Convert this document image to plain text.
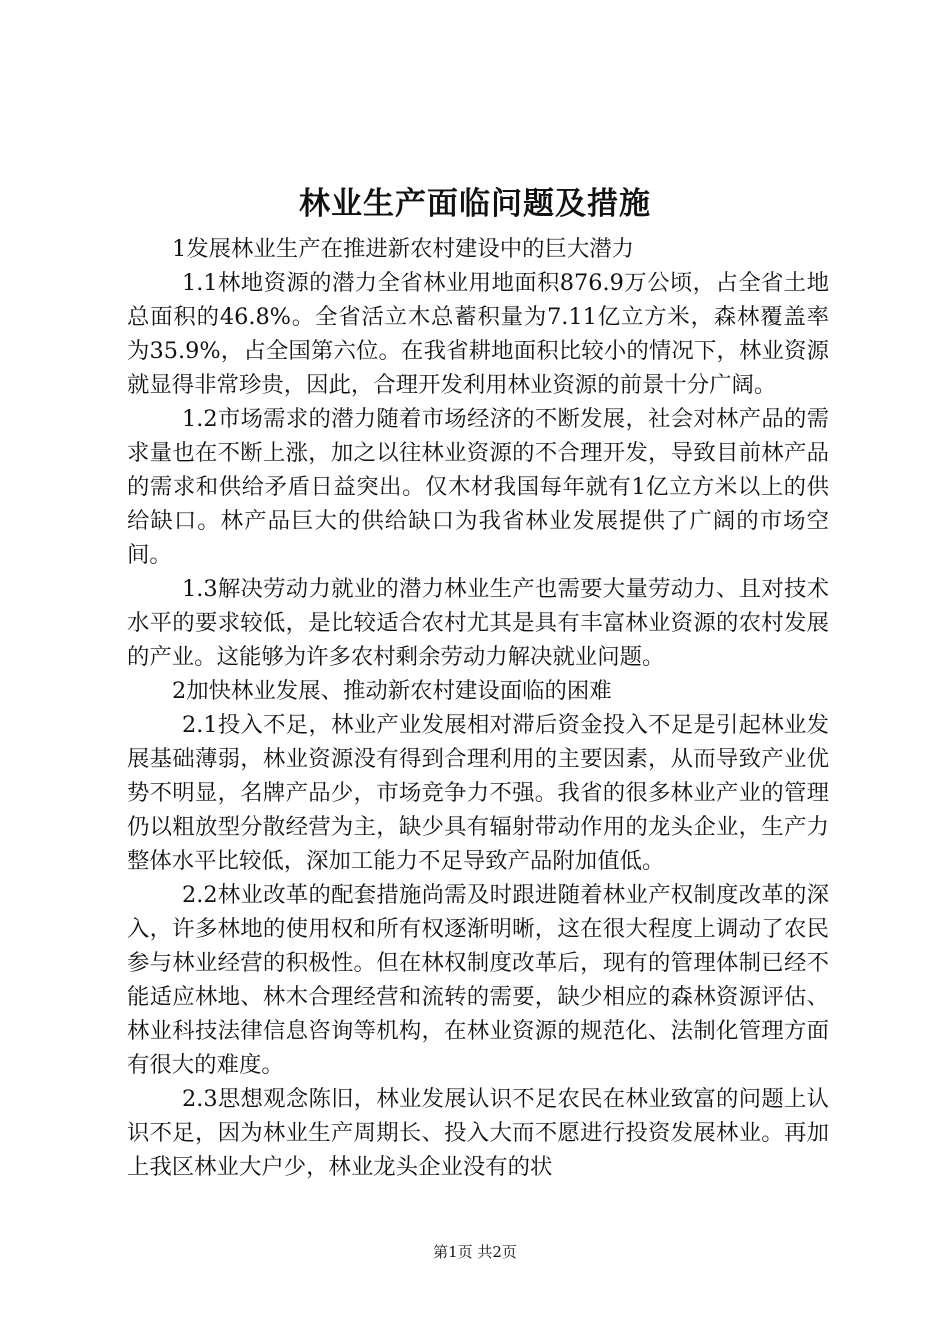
林业生产面临问题及措施

1发展林业生产在推进新农村建设中的巨大潜力

1.1林地资源的潜力全省林业用地面积876.9万公顷，占全省土地总面积的46.8%。全省活立木总蓄积量为7.11亿立方米，森林覆盖率为35.9%，占全国第六位。在我省耕地面积比较小的情况下，林业资源就显得非常珍贵，因此，合理开发利用林业资源的前景十分广阔。

1.2市场需求的潜力随着市场经济的不断发展，社会对林产品的需求量也在不断上涨，加之以往林业资源的不合理开发，导致目前林产品的需求和供给矛盾日益突出。仅木材我国每年就有1亿立方米以上的供给缺口。林产品巨大的供给缺口为我省林业发展提供了广阔的市场空间。

1.3解决劳动力就业的潜力林业生产也需要大量劳动力、且对技术水平的要求较低，是比较适合农村尤其是具有丰富林业资源的农村发展的产业。这能够为许多农村剩余劳动力解决就业问题。

2加快林业发展、推动新农村建设面临的困难

2.1投入不足，林业产业发展相对滞后资金投入不足是引起林业发展基础薄弱，林业资源没有得到合理利用的主要因素，从而导致产业优势不明显，名牌产品少，市场竞争力不强。我省的很多林业产业的管理仍以粗放型分散经营为主，缺少具有辐射带动作用的龙头企业，生产力整体水平比较低，深加工能力不足导致产品附加值低。

2.2林业改革的配套措施尚需及时跟进随着林业产权制度改革的深入，许多林地的使用权和所有权逐渐明晰，这在很大程度上调动了农民参与林业经营的积极性。但在林权制度改革后，现有的管理体制已经不能适应林地、林木合理经营和流转的需要，缺少相应的森林资源评估、林业科技法律信息咨询等机构，在林业资源的规范化、法制化管理方面有很大的难度。

2.3思想观念陈旧，林业发展认识不足农民在林业致富的问题上认识不足，因为林业生产周期长、投入大而不愿进行投资发展林业。再加上我区林业大户少，林业龙头企业没有的状

第1页 共2页
